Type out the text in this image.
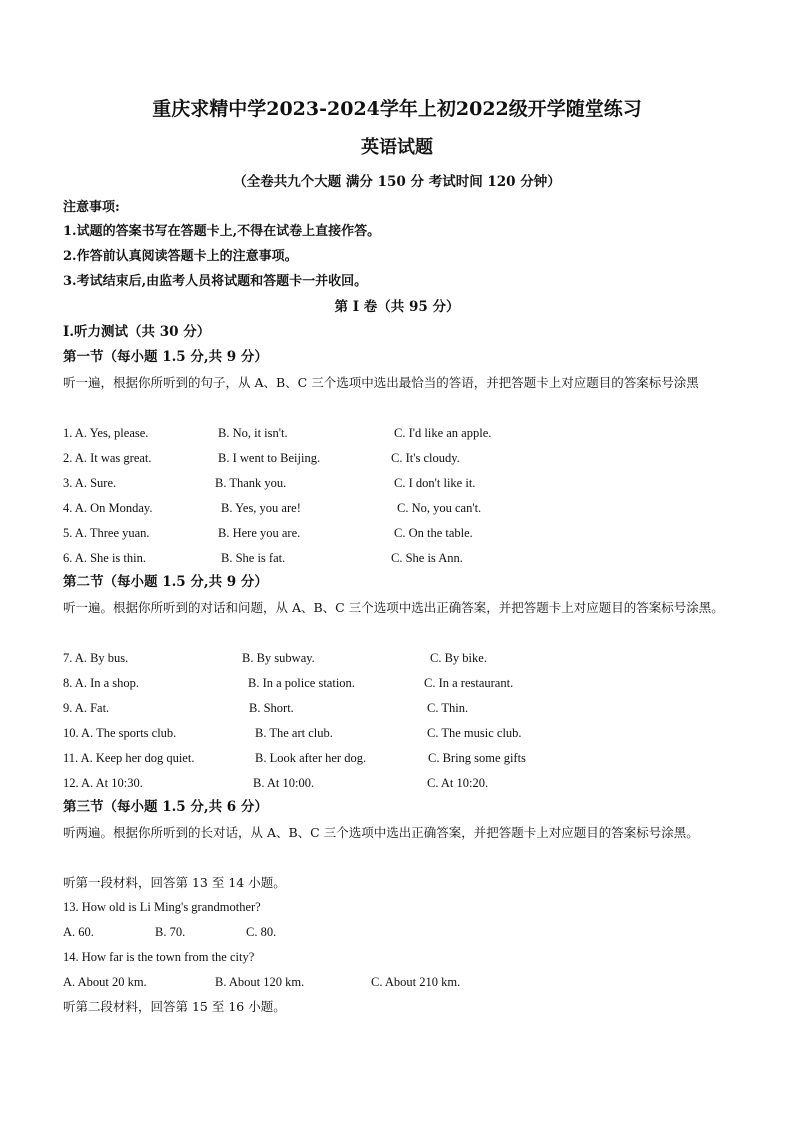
重庆求精中学2023-2024学年上初2022级开学随堂练习
英语试题
（全卷共九个大题 满分 150 分 考试时间 120 分钟）
注意事项:
1.试题的答案书写在答题卡上,不得在试卷上直接作答。
2.作答前认真阅读答题卡上的注意事项。
3.考试结束后,由监考人员将试题和答题卡一并收回。
第 I 卷（共 95 分）
I.听力测试（共 30 分）
第一节（每小题 1.5 分,共 9 分）
听一遍，根据你所听到的句子，从 A、B、C 三个选项中选出最恰当的答语，并把答题卡上对应题目的答案标号涂黑
1. A. Yes, please.	B. No, it isn't.	C. I'd like an apple.
2. A. It was great.	B. I went to Beijing.	C. It's cloudy.
3. A. Sure.	B. Thank you.	C. I don't like it.
4. A. On Monday.	B. Yes, you are!	C. No, you can't.
5. A. Three yuan.	B. Here you are.	C. On the table.
6. A. She is thin.	B. She is fat.	C. She is Ann.
第二节（每小题 1.5 分,共 9 分）
听一遍。根据你所听到的对话和问题，从 A、B、C 三个选项中选出正确答案，并把答题卡上对应题目的答案标号涂黑。
7. A. By bus.	B. By subway.	C. By bike.
8. A. In a shop.	B. In a police station.	C. In a restaurant.
9. A. Fat.	B. Short.	C. Thin.
10. A. The sports club.	B. The art club.	C. The music club.
11. A. Keep her dog quiet.	B. Look after her dog.	C. Bring some gifts
12. A. At 10:30.	B. At 10:00.	C. At 10:20.
第三节（每小题 1.5 分,共 6 分）
听两遍。根据你所听到的长对话，从 A、B、C 三个选项中选出正确答案，并把答题卡上对应题目的答案标号涂黑。
听第一段材料，回答第 13 至 14 小题。
13. How old is Li Ming's grandmother?
A. 60.	B. 70.	C. 80.
14. How far is the town from the city?
A. About 20 km.	B. About 120 km.	C. About 210 km.
听第二段材料，回答第 15 至 16 小题。
